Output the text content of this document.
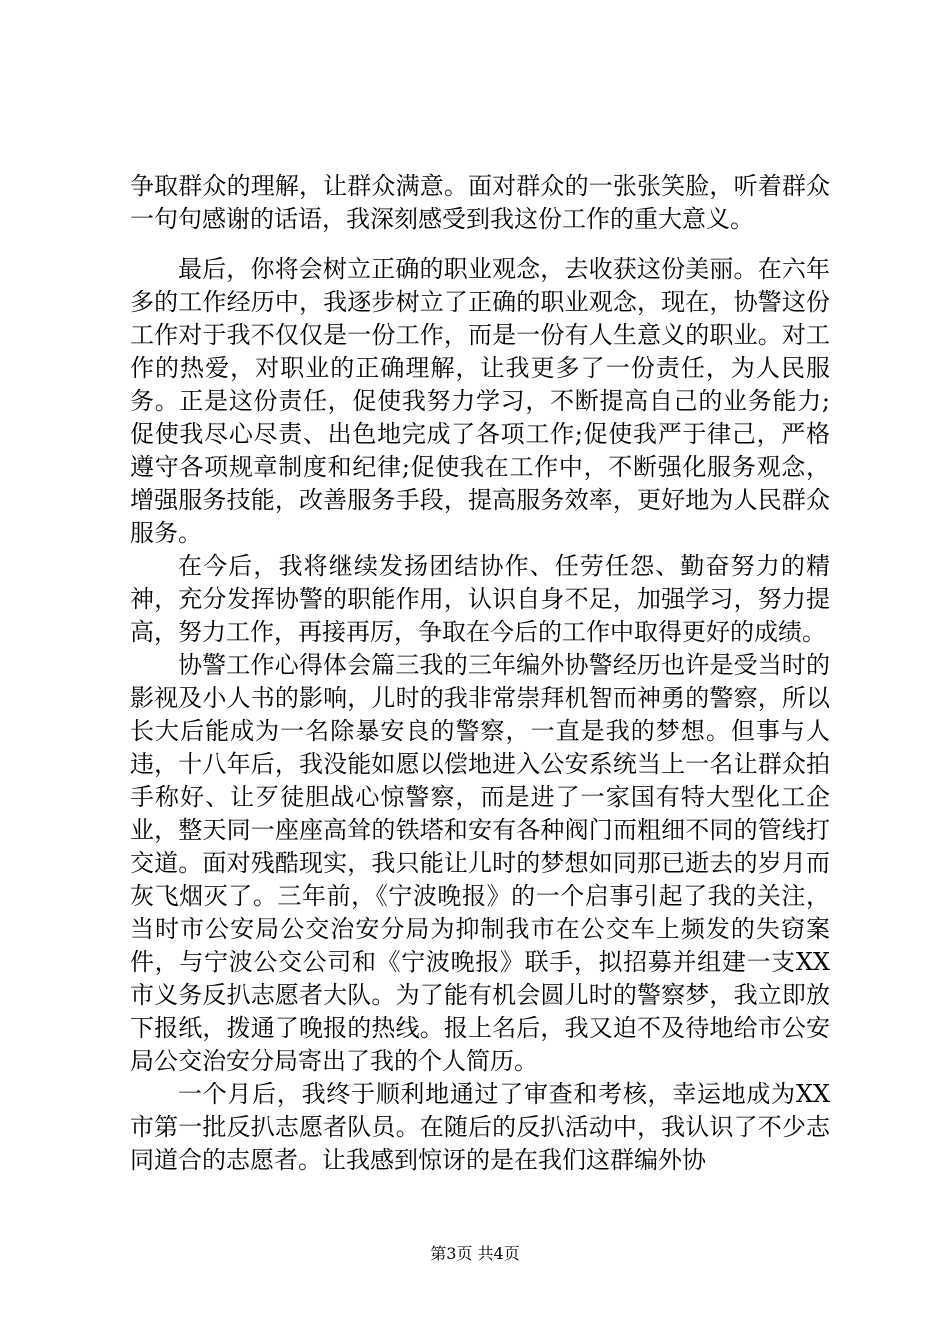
争取群众的理解，让群众满意。面对群众的一张张笑脸，听着群众一句句感谢的话语，我深刻感受到我这份工作的重大意义。

最后，你将会树立正确的职业观念，去收获这份美丽。在六年多的工作经历中，我逐步树立了正确的职业观念，现在，协警这份工作对于我不仅仅是一份工作，而是一份有人生意义的职业。对工作的热爱，对职业的正确理解，让我更多了一份责任，为人民服务。正是这份责任，促使我努力学习，不断提高自己的业务能力;促使我尽心尽责、出色地完成了各项工作;促使我严于律己，严格遵守各项规章制度和纪律;促使我在工作中，不断强化服务观念，增强服务技能，改善服务手段，提高服务效率，更好地为人民群众服务。

在今后，我将继续发扬团结协作、任劳任怨、勤奋努力的精神，充分发挥协警的职能作用，认识自身不足，加强学习，努力提高，努力工作，再接再厉，争取在今后的工作中取得更好的成绩。

协警工作心得体会篇三我的三年编外协警经历也许是受当时的影视及小人书的影响，儿时的我非常崇拜机智而神勇的警察，所以长大后能成为一名除暴安良的警察，一直是我的梦想。但事与人违，十八年后，我没能如愿以偿地进入公安系统当上一名让群众拍手称好、让歹徒胆战心惊警察，而是进了一家国有特大型化工企业，整天同一座座高耸的铁塔和安有各种阀门而粗细不同的管线打交道。面对残酷现实，我只能让儿时的梦想如同那已逝去的岁月而灰飞烟灭了。三年前，《宁波晚报》的一个启事引起了我的关注，当时市公安局公交治安分局为抑制我市在公交车上频发的失窃案件，与宁波公交公司和《宁波晚报》联手，拟招募并组建一支XX市义务反扒志愿者大队。为了能有机会圆儿时的警察梦，我立即放下报纸，拨通了晚报的热线。报上名后，我又迫不及待地给市公安局公交治安分局寄出了我的个人简历。

一个月后，我终于顺利地通过了审查和考核，幸运地成为XX市第一批反扒志愿者队员。在随后的反扒活动中，我认识了不少志同道合的志愿者。让我感到惊讶的是在我们这群编外协

第3页 共4页
